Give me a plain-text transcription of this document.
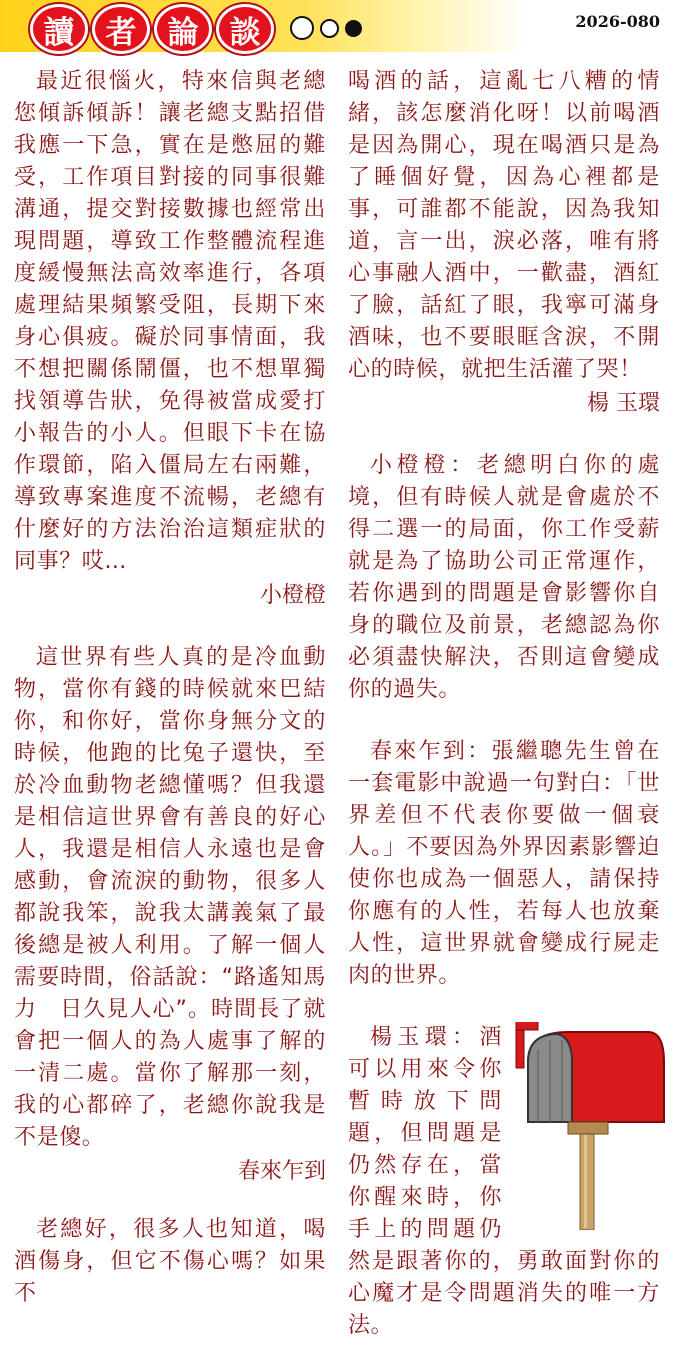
讀	者	論	談	2026-080

最近很惱火，特來信與老總您傾訴傾訴！讓老總支點招借我應一下急，實在是憋屈的難受，工作項目對接的同事很難溝通，提交對接數據也經常出現問題，導致工作整體流程進度緩慢無法高效率進行，各項處理結果頻繁受阻，長期下來身心俱疲。礙於同事情面，我不想把關係鬧僵，也不想單獨找領導告狀，免得被當成愛打小報告的小人。但眼下卡在協作環節，陷入僵局左右兩難，導致專案進度不流暢，老總有什麼好的方法治治這類症狀的同事？哎…

小橙橙

這世界有些人真的是冷血動物，當你有錢的時候就來巴結你，和你好，當你身無分文的時候，他跑的比兔子還快，至於冷血動物老總懂嗎？但我還是相信這世界會有善良的好心人，我還是相信人永遠也是會感動，會流淚的動物，很多人都說我笨，說我太講義氣了最後總是被人利用。了解一個人需要時間，俗話說：“路遙知馬力　日久見人心”。時間長了就會把一個人的為人處事了解的一清二處。當你了解那一刻，我的心都碎了，老總你說我是不是傻。

春來乍到

老總好，很多人也知道，喝酒傷身，但它不傷心嗎？如果不

喝酒的話，這亂七八糟的情緒，該怎麼消化呀！以前喝酒是因為開心，現在喝酒只是為了睡個好覺，因為心裡都是事，可誰都不能說，因為我知道，言一出，淚必落，唯有將心事融人酒中，一歡盡，酒紅了臉，話紅了眼，我寧可滿身酒味，也不要眼眶含淚，不開心的時候，就把生活灌了哭！

楊 玉環

小橙橙：老總明白你的處境，但有時候人就是會處於不得二選一的局面，你工作受薪就是為了協助公司正常運作，若你遇到的問題是會影響你自身的職位及前景，老總認為你必須盡快解決，否則這會變成你的過失。

春來乍到：張繼聰先生曾在一套電影中說過一句對白：「世界差但不代表你要做一個衰人。」不要因為外界因素影響迫使你也成為一個惡人，請保持你應有的人性，若每人也放棄人性，這世界就會變成行屍走肉的世界。

楊玉環：酒可以用來令你暫時放下問題，但問題是仍然存在，當你醒來時，你手上的問題仍然是跟著你的，勇敢面對你的心魔才是令問題消失的唯一方法。
